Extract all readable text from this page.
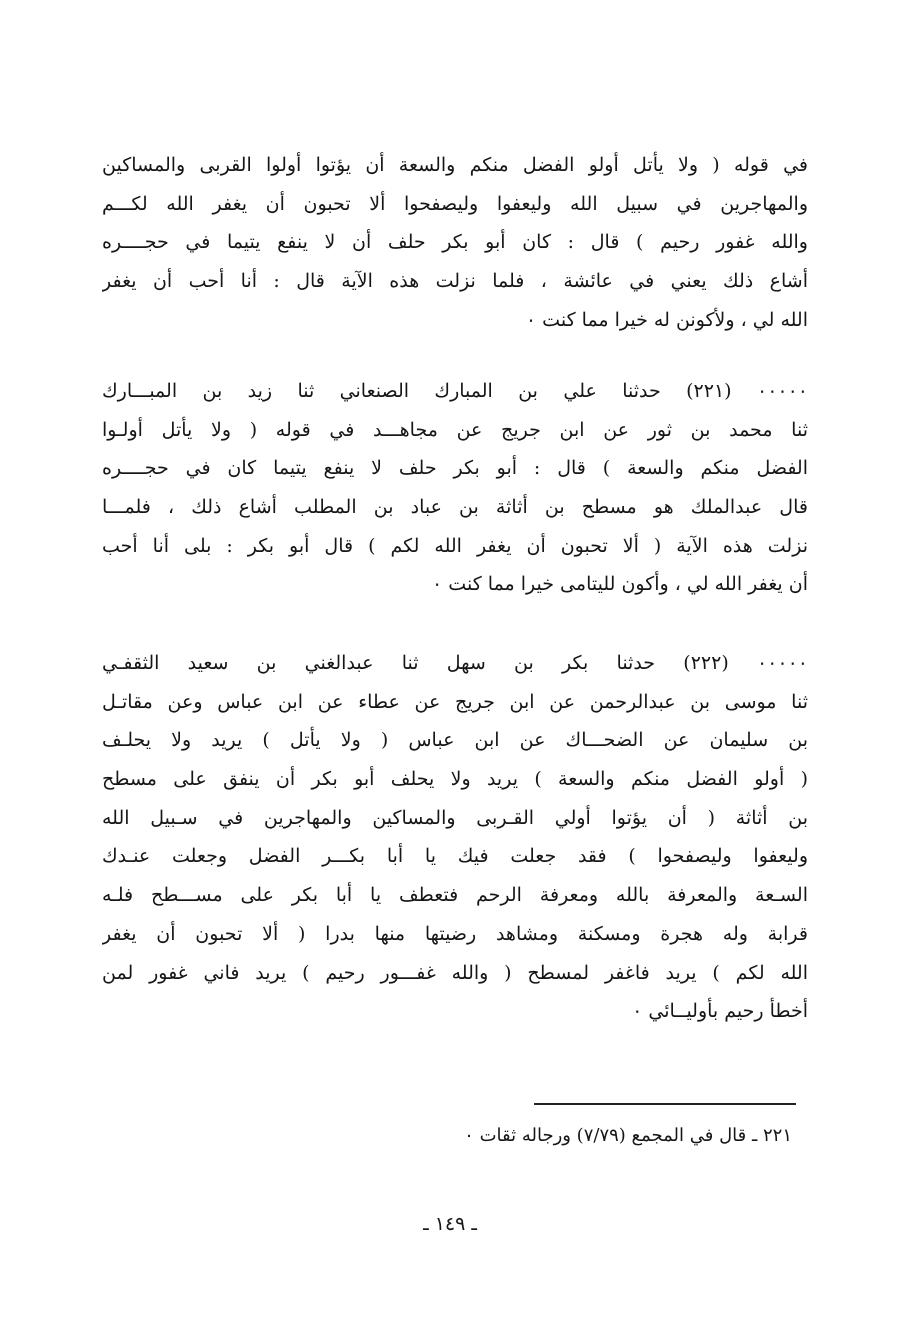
في قوله ( ولا يأتل أولو الفضل منكم والسعة أن يؤتوا أولوا القربى والمساكين
والمهاجرين في سبيل الله وليعفوا وليصفحوا ألا تحبون أن يغفر الله لكـــم
والله غفور رحيم ) قال : كان أبو بكر حلف أن لا ينفع يتيما في حجــــره
أشاع ذلك يعني في عائشة ، فلما نزلت هذه الآية قال : أنا أحب أن يغفر
الله لي ، ولأكونن له خيرا مما كنت ٠
٠٠٠٠٠ (٢٢١) حدثنا علي بن المبارك الصنعاني ثنا زيد بن المبـــارك
ثنا محمد بن ثور عن ابن جريج عن مجاهـــد في قوله ( ولا يأتل أولـوا
الفضل منكم والسعة ) قال : أبو بكر حلف لا ينفع يتيما كان في حجــــره
قال عبدالملك هو مسطح بن أثاثة بن عباد بن المطلب أشاع ذلك ، فلمـــا
نزلت هذه الآية ( ألا تحبون أن يغفر الله لكم ) قال أبو بكر : بلى أنا أحب
أن يغفر الله لي ، وأكون لليتامى خيرا مما كنت ٠
٠٠٠٠٠ (٢٢٢) حدثنا بكر بن سهل ثنا عبدالغني بن سعيد الثقفـي
ثنا موسى بن عبدالرحمن عن ابن جريج عن عطاء عن ابن عباس وعن مقاتـل
بن سليمان عن الضحـــاك عن ابن عباس ( ولا يأتل ) يريد ولا يحلـف
( أولو الفضل منكم والسعة ) يريد ولا يحلف أبو بكر أن ينفق على مسطح
بن أثاثة ( أن يؤتوا أولي القـربى والمساكين والمهاجرين في سـبيل الله
وليعفوا وليصفحوا ) فقد جعلت فيك يا أبا بكـــر الفضل وجعلت عنـدك
السـعة والمعرفة بالله ومعرفة الرحم فتعطف يا أبا بكر على مســـطح فلـه
قرابة وله هجرة ومسكنة ومشاهد رضيتها منها بدرا ( ألا تحبون أن يغفر
الله لكم ) يريد فاغفر لمسطح ( والله غفـــور رحيم ) يريد فاني غفور لمن
أخطأ رحيم بأوليــائي ٠
٢٢١ ـ قال في المجمع (٧/٧٩) ورجاله ثقات ٠
ـ ١٤٩ ـ
